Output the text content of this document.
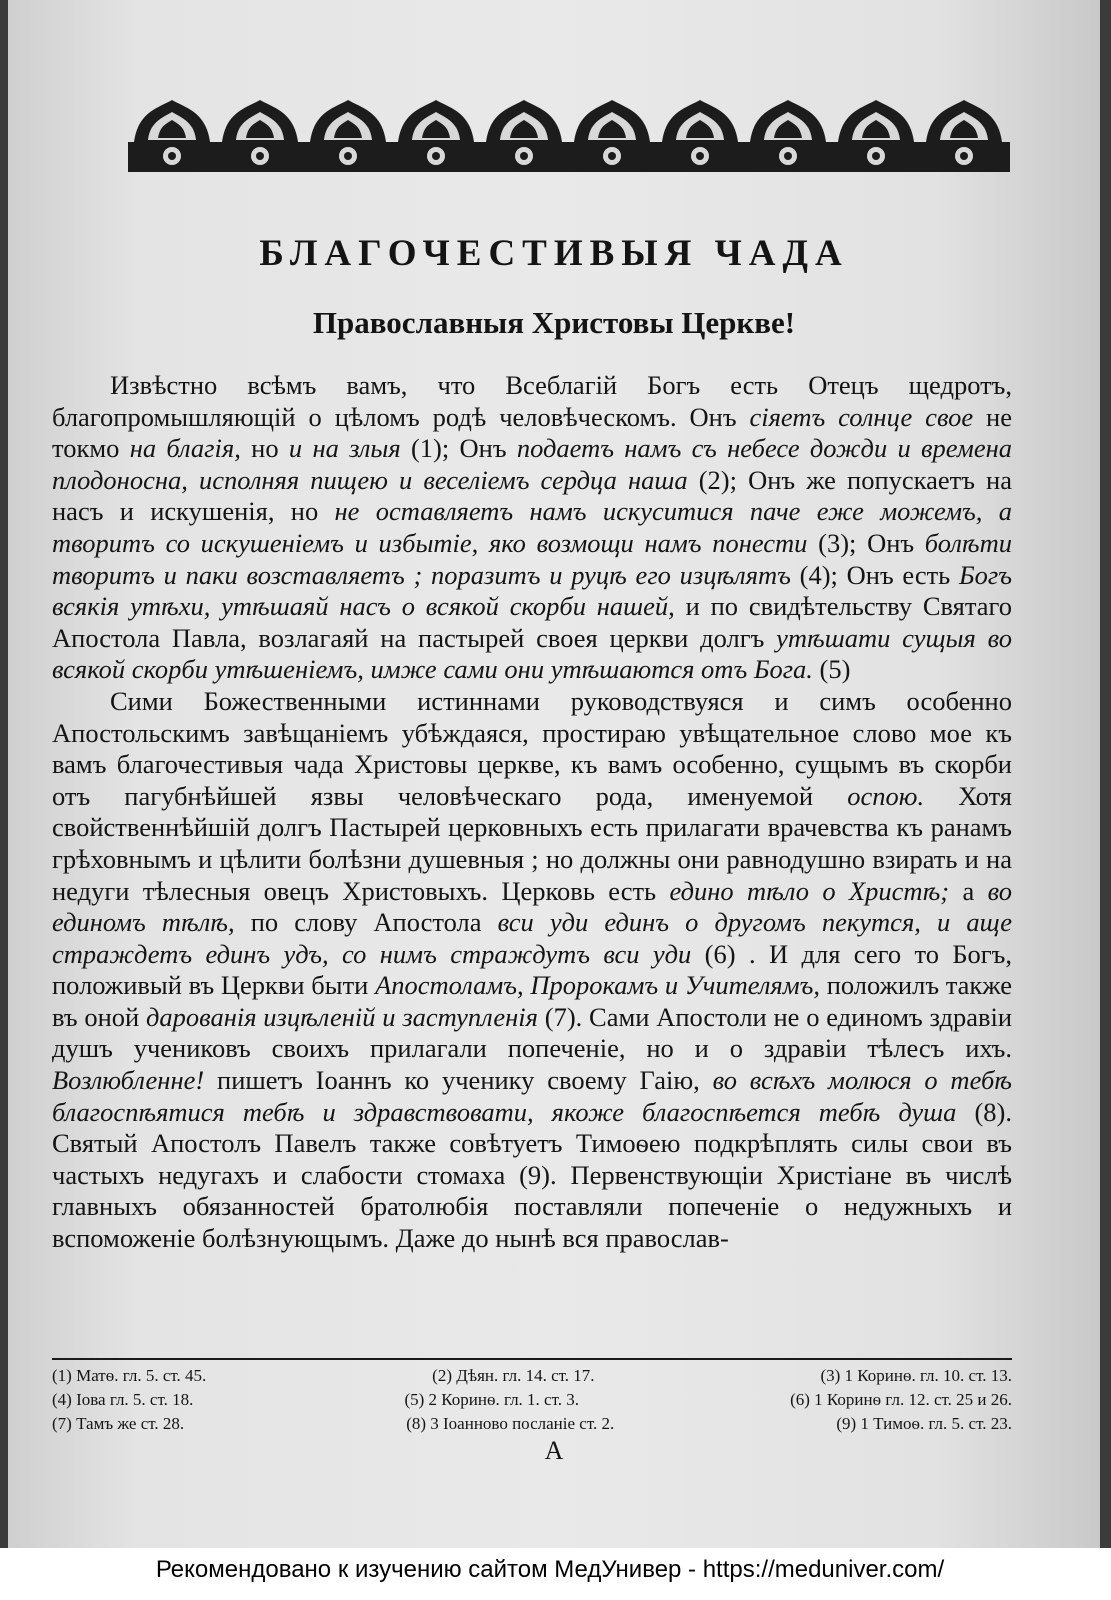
БЛАГОЧЕСТИВЫЯ ЧАДА
Православныя Христовы Церкве!

Извѣстно всѣмъ вамъ, что Всеблагій Богъ есть Отецъ щедротъ, благопромышляющій о цѣломъ родѣ человѣческомъ. Онъ сіяетъ солнце свое не токмо на благія, но и на злыя (1); Онъ подаетъ намъ съ небесе дожди и времена плодоносна, исполняя пищею и веселіемъ сердца наша (2); Онъ же попускаетъ на насъ и искушенія, но не оставляетъ намъ искуситися паче еже можемъ, а творитъ со искушеніемъ и избытіе, яко возмощи намъ понести (3); Онъ болѣти творитъ и паки возставляетъ ; поразитъ и руцѣ его изцѣлятъ (4); Онъ есть Богъ всякія утѣхи, утѣшаяй насъ о всякой скорби нашей, и по свидѣтельству Святаго Апостола Павла, возлагаяй на пастырей своея церкви долгъ утѣшати сущыя во всякой скорби утѣшеніемъ, имже сами они утѣшаются отъ Бога. (5)

Сими Божественными истиннами руководствуяся и симъ особенно Апостольскимъ завѣщаніемъ убѣждаяся, простираю увѣщательное слово мое къ вамъ благочестивыя чада Христовы церкве, къ вамъ особенно, сущымъ въ скорби отъ пагубнѣйшей язвы человѣческаго рода, именуемой оспою. Хотя свойственнѣйшій долгъ Пастырей церковныхъ есть прилагати врачевства къ ранамъ грѣховнымъ и цѣлити болѣзни душевныя ; но должны они равнодушно взирать и на недуги тѣлесныя овецъ Христовыхъ. Церковь есть едино тѣло о Христѣ; а во единомъ тѣлѣ, по слову Апостола вси уди единъ о другомъ пекутся, и аще страждетъ единъ удъ, со нимъ страждутъ вси уди (6) . И для сего то Богъ, положивый въ Церкви быти Апостоламъ, Пророкамъ и Учителямъ, положилъ также въ оной дарованія изцѣленій и заступленія (7). Сами Апостоли не о единомъ здравіи душъ учениковъ своихъ прилагали попеченіе, но и о здравіи тѣлесъ ихъ. Возлюбленне! пишетъ Іоаннъ ко ученику своему Гаію, во всѣхъ молюся о тебѣ благоспѣятися тебѣ и здравствовати, якоже благоспѣется тебѣ душа (8). Святый Апостолъ Павелъ также совѣтуетъ Тимоѳею подкрѣплять силы свои въ частыхъ недугахъ и слабости стомаха (9). Первенствующіи Христіане въ числѣ главныхъ обязанностей братолюбія поставляли попеченіе о недужныхъ и вспоможеніе болѣзнующымъ. Даже до нынѣ вся православ-

(1) Матѳ. гл. 5. ст. 45.	(2) Дѣян. гл. 14. ст. 17.	(3) 1 Коринѳ. гл. 10. ст. 13.
(4) Іова гл. 5. ст. 18.	(5) 2 Коринѳ. гл. 1. ст. 3.	(6) 1 Коринѳ гл. 12. ст. 25 и 26.
(7) Тамъ же ст. 28.	(8) 3 Іоанново посланіе ст. 2.	(9) 1 Тимоѳ. гл. 5. ст. 23.
А
Рекомендовано к изучению сайтом МедУнивер - https://meduniver.com/
